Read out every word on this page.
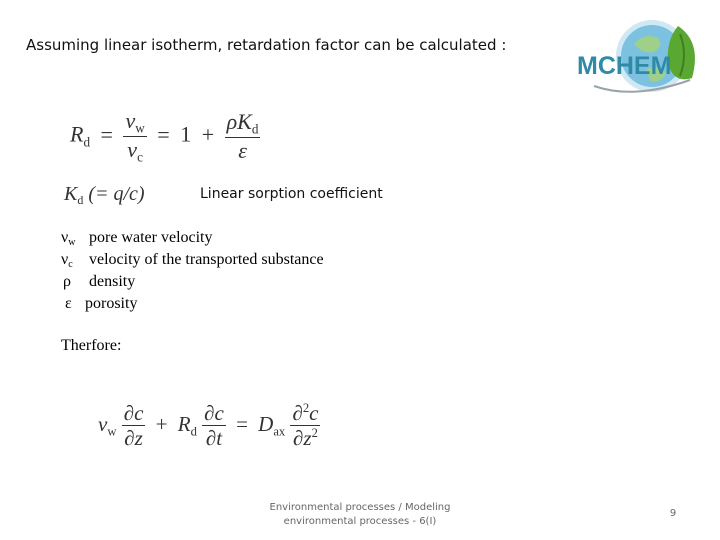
Assuming linear isotherm, retardation factor can be calculated :
MCHEM
$R_d = \frac{v_w}{v_c} = 1 + \frac{\rho K_d}{\varepsilon}$
$K_d$ (= q/c)	Linear sorption coefficient
νw pore water velocity
νc velocity of the transported substance
ρ density
ε porosity
Therfore:
$v_w \frac{\partial c}{\partial z} + R_d \frac{\partial c}{\partial t} = D_{ax} \frac{\partial^2c}{\partial z^2}$
Environmental processes / Modeling
environmental processes - 6(I)
9
